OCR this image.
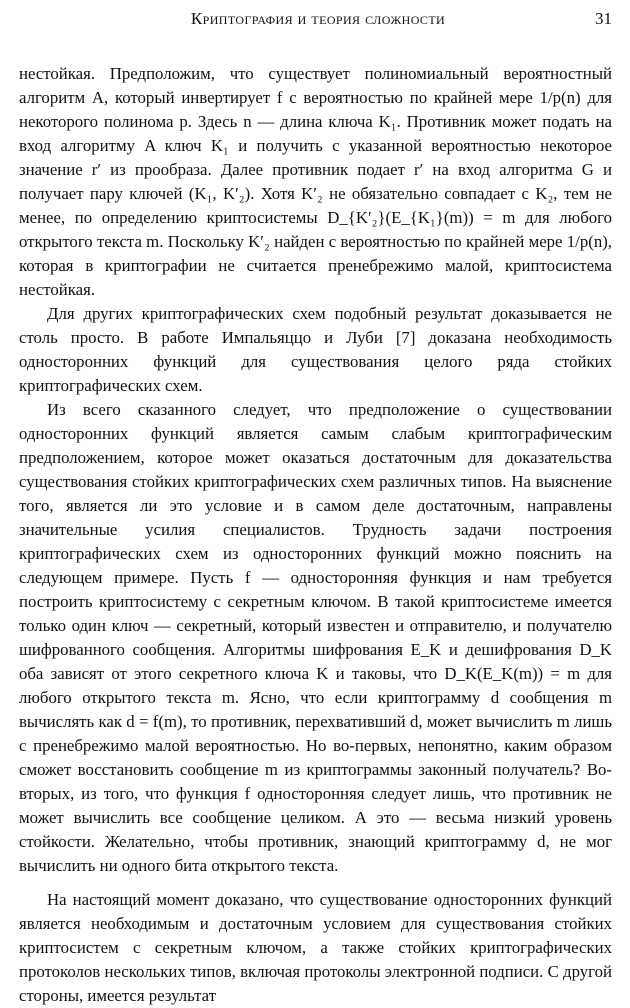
Криптография и теория сложности	31

нестойкая. Предположим, что существует полиномиальный вероятностный алгоритм A, который инвертирует f с вероятностью по крайней мере 1/p(n) для некоторого полинома p. Здесь n — длина ключа K₁. Противник может подать на вход алгоритму A ключ K₁ и получить с указанной вероятностью некоторое значение r′ из прообраза. Далее противник подает r′ на вход алгоритма G и получает пару ключей (K₁, K′₂). Хотя K′₂ не обязательно совпадает с K₂, тем не менее, по определению криптосистемы D_{K′₂}(E_{K₁}(m)) = m для любого открытого текста m. Поскольку K′₂ найден с вероятностью по крайней мере 1/p(n), которая в криптографии не считается пренебрежимо малой, криптосистема нестойкая.

Для других криптографических схем подобный результат доказывается не столь просто. В работе Импальяццо и Луби [7] доказана необходимость односторонних функций для существования целого ряда стойких криптографических схем.

Из всего сказанного следует, что предположение о существовании односторонних функций является самым слабым криптографическим предположением, которое может оказаться достаточным для доказательства существования стойких криптографических схем различных типов. На выяснение того, является ли это условие и в самом деле достаточным, направлены значительные усилия специалистов. Трудность задачи построения криптографических схем из односторонних функций можно пояснить на следующем примере. Пусть f — односторонняя функция и нам требуется построить криптосистему с секретным ключом. В такой криптосистеме имеется только один ключ — секретный, который известен и отправителю, и получателю шифрованного сообщения. Алгоритмы шифрования E_K и дешифрования D_K оба зависят от этого секретного ключа K и таковы, что D_K(E_K(m)) = m для любого открытого текста m. Ясно, что если криптограмму d сообщения m вычислять как d = f(m), то противник, перехвативший d, может вычислить m лишь с пренебрежимо малой вероятностью. Но во-первых, непонятно, каким образом сможет восстановить сообщение m из криптограммы законный получатель? Во-вторых, из того, что функция f односторонняя следует лишь, что противник не может вычислить все сообщение целиком. А это — весьма низкий уровень стойкости. Желательно, чтобы противник, знающий криптограмму d, не мог вычислить ни одного бита открытого текста.

На настоящий момент доказано, что существование односторонних функций является необходимым и достаточным условием для существования стойких криптосистем с секретным ключом, а также стойких криптографических протоколов нескольких типов, включая протоколы электронной подписи. С другой стороны, имеется результат
